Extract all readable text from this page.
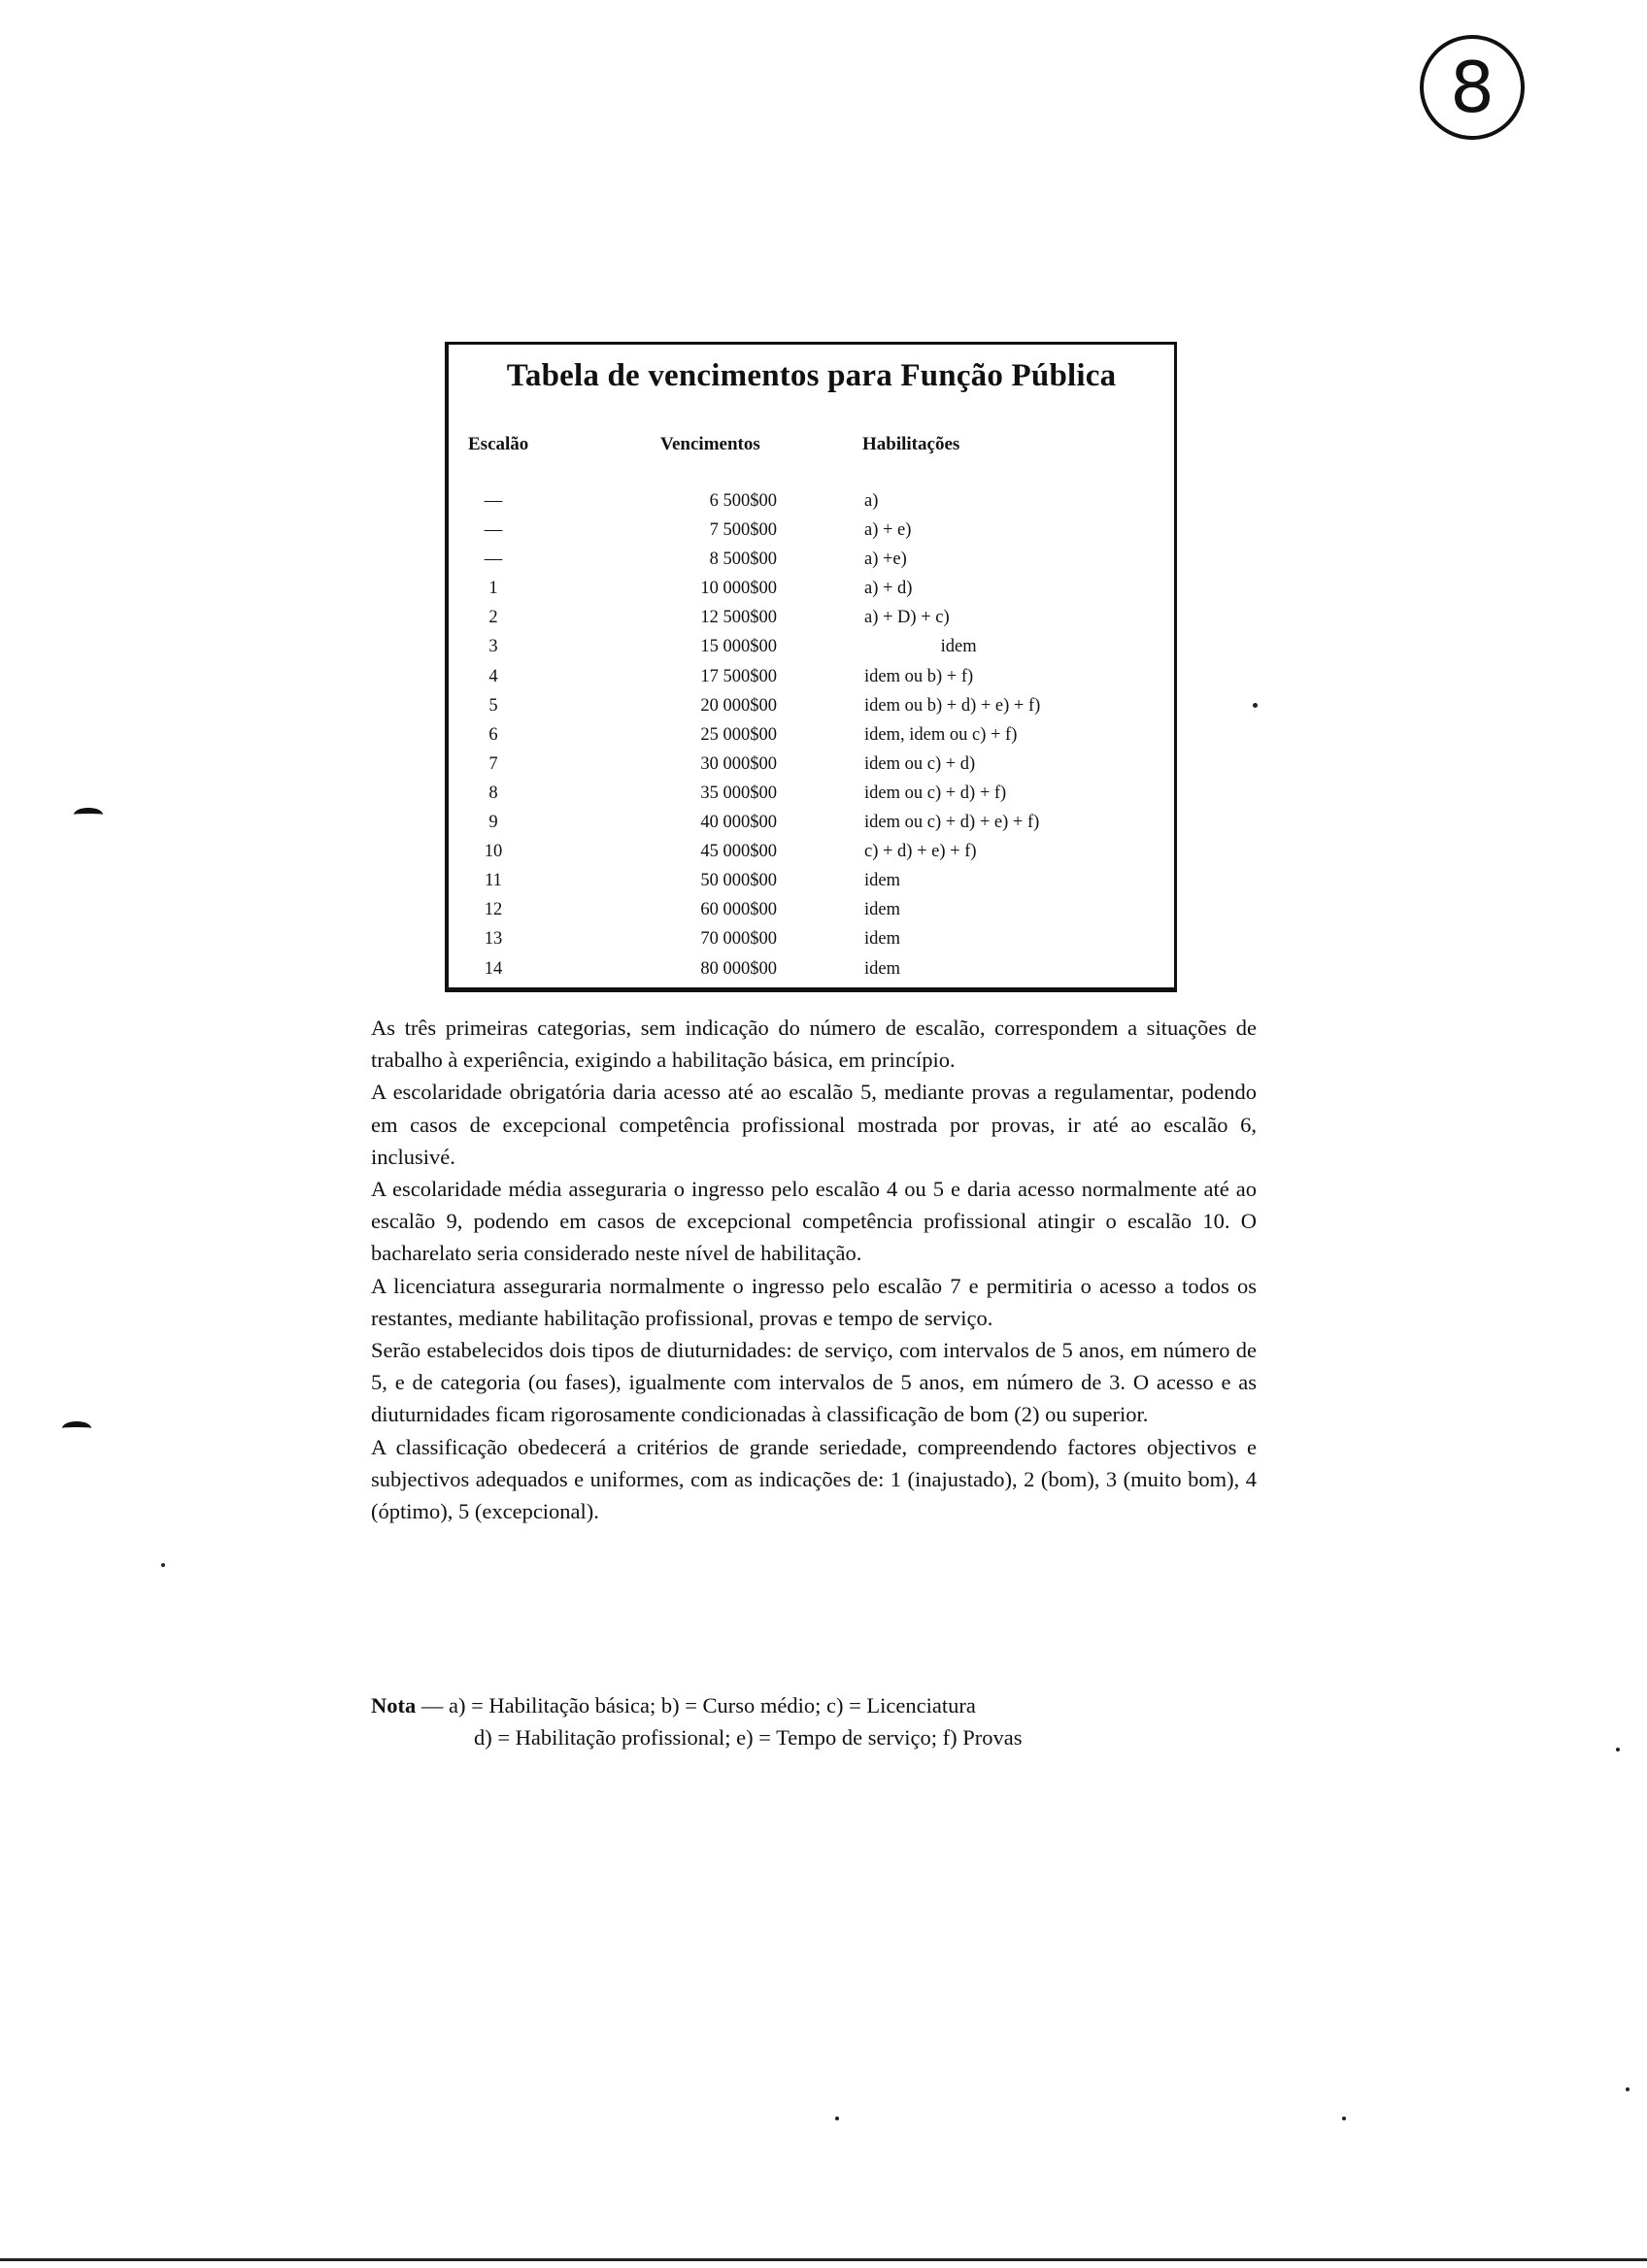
8
Tabela de vencimentos para Função Pública
Escalão	Vencimentos	Habilitações
—	6 500$00	a)
—	7 500$00	a) + e)
—	8 500$00	a) +e)
1	10 000$00	a) + d)
2	12 500$00	a) + D) + c)
3	15 000$00	idem
4	17 500$00	idem ou b) + f)
5	20 000$00	idem ou b) + d) + e) + f)
6	25 000$00	idem, idem ou c) + f)
7	30 000$00	idem ou c) + d)
8	35 000$00	idem ou c) + d) + f)
9	40 000$00	idem ou c) + d) + e) + f)
10	45 000$00	c) + d) + e) + f)
11	50 000$00	idem
12	60 000$00	idem
13	70 000$00	idem
14	80 000$00	idem

As três primeiras categorias, sem indicação do número de escalão, correspondem a situações de trabalho à experiência, exigindo a habilitação básica, em princípio.

A escolaridade obrigatória daria acesso até ao escalão 5, mediante provas a regulamentar, podendo em casos de excepcional competência profissional mostrada por provas, ir até ao escalão 6, inclusivé.

A escolaridade média asseguraria o ingresso pelo escalão 4 ou 5 e daria acesso normalmente até ao escalão 9, podendo em casos de excepcional competência profissional atingir o escalão 10. O bacharelato seria considerado neste nível de habilitação.

A licenciatura asseguraria normalmente o ingresso pelo escalão 7 e permitiria o acesso a todos os restantes, mediante habilitação profissional, provas e tempo de serviço.

Serão estabelecidos dois tipos de diuturnidades: de serviço, com intervalos de 5 anos, em número de 5, e de categoria (ou fases), igualmente com intervalos de 5 anos, em número de 3. O acesso e as diuturnidades ficam rigorosamente condicionadas à classificação de bom (2) ou superior.

A classificação obedecerá a critérios de grande seriedade, compreendendo factores objectivos e subjectivos adequados e uniformes, com as indicações de: 1 (inajustado), 2 (bom), 3 (muito bom), 4 (óptimo), 5 (excepcional).

Nota — a) = Habilitação básica; b) = Curso médio; c) = Licenciatura
d) = Habilitação profissional; e) = Tempo de serviço; f) Provas
